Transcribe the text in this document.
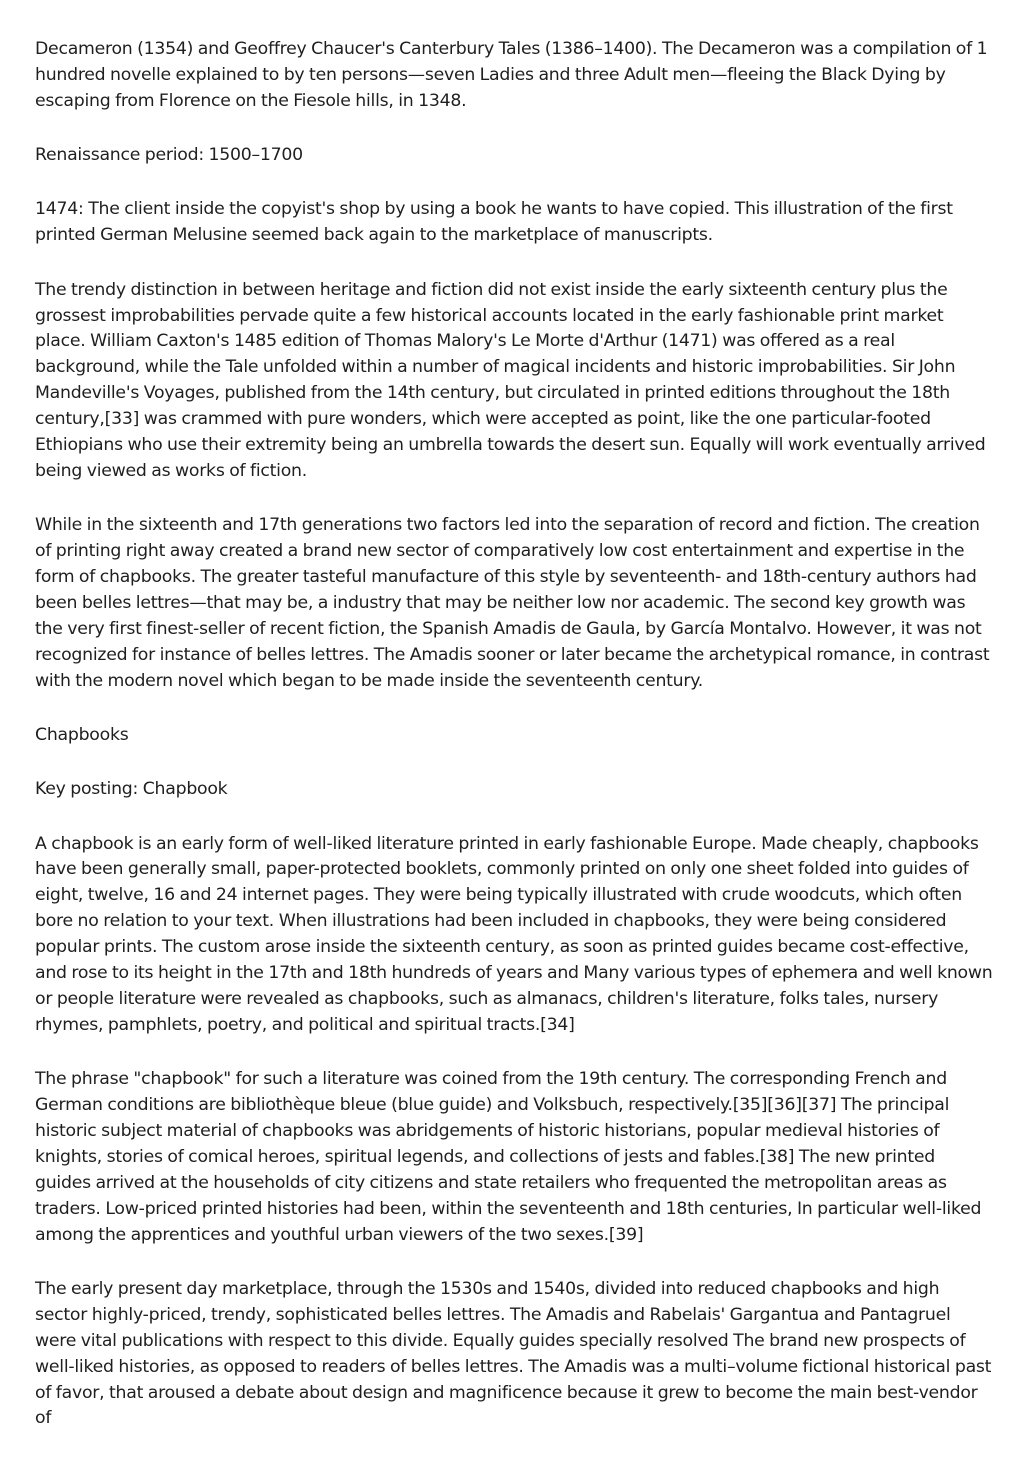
Decameron (1354) and Geoffrey Chaucer's Canterbury Tales (1386–1400). The Decameron was a compilation of 1 hundred novelle explained to by ten persons—seven Ladies and three Adult men—fleeing the Black Dying by escaping from Florence on the Fiesole hills, in 1348.

Renaissance period: 1500–1700

1474: The client inside the copyist's shop by using a book he wants to have copied. This illustration of the first printed German Melusine seemed back again to the marketplace of manuscripts.

The trendy distinction in between heritage and fiction did not exist inside the early sixteenth century plus the grossest improbabilities pervade quite a few historical accounts located in the early fashionable print market place. William Caxton's 1485 edition of Thomas Malory's Le Morte d'Arthur (1471) was offered as a real background, while the Tale unfolded within a number of magical incidents and historic improbabilities. Sir John Mandeville's Voyages, published from the 14th century, but circulated in printed editions throughout the 18th century,[33] was crammed with pure wonders, which were accepted as point, like the one particular-footed Ethiopians who use their extremity being an umbrella towards the desert sun. Equally will work eventually arrived being viewed as works of fiction.

While in the sixteenth and 17th generations two factors led into the separation of record and fiction. The creation of printing right away created a brand new sector of comparatively low cost entertainment and expertise in the form of chapbooks. The greater tasteful manufacture of this style by seventeenth- and 18th-century authors had been belles lettres—that may be, a industry that may be neither low nor academic. The second key growth was the very first finest-seller of recent fiction, the Spanish Amadis de Gaula, by García Montalvo. However, it was not recognized for instance of belles lettres. The Amadis sooner or later became the archetypical romance, in contrast with the modern novel which began to be made inside the seventeenth century.

Chapbooks

Key posting: Chapbook

A chapbook is an early form of well-liked literature printed in early fashionable Europe. Made cheaply, chapbooks have been generally small, paper-protected booklets, commonly printed on only one sheet folded into guides of eight, twelve, 16 and 24 internet pages. They were being typically illustrated with crude woodcuts, which often bore no relation to your text. When illustrations had been included in chapbooks, they were being considered popular prints. The custom arose inside the sixteenth century, as soon as printed guides became cost-effective, and rose to its height in the 17th and 18th hundreds of years and Many various types of ephemera and well known or people literature were revealed as chapbooks, such as almanacs, children's literature, folks tales, nursery rhymes, pamphlets, poetry, and political and spiritual tracts.[34]

The phrase "chapbook" for such a literature was coined from the 19th century. The corresponding French and German conditions are bibliothèque bleue (blue guide) and Volksbuch, respectively.[35][36][37] The principal historic subject material of chapbooks was abridgements of historic historians, popular medieval histories of knights, stories of comical heroes, spiritual legends, and collections of jests and fables.[38] The new printed guides arrived at the households of city citizens and state retailers who frequented the metropolitan areas as traders. Low-priced printed histories had been, within the seventeenth and 18th centuries, In particular well-liked among the apprentices and youthful urban viewers of the two sexes.[39]

The early present day marketplace, through the 1530s and 1540s, divided into reduced chapbooks and high sector highly-priced, trendy, sophisticated belles lettres. The Amadis and Rabelais' Gargantua and Pantagruel were vital publications with respect to this divide. Equally guides specially resolved The brand new prospects of well-liked histories, as opposed to readers of belles lettres. The Amadis was a multi–volume fictional historical past of favor, that aroused a debate about design and magnificence because it grew to become the main best-vendor of
